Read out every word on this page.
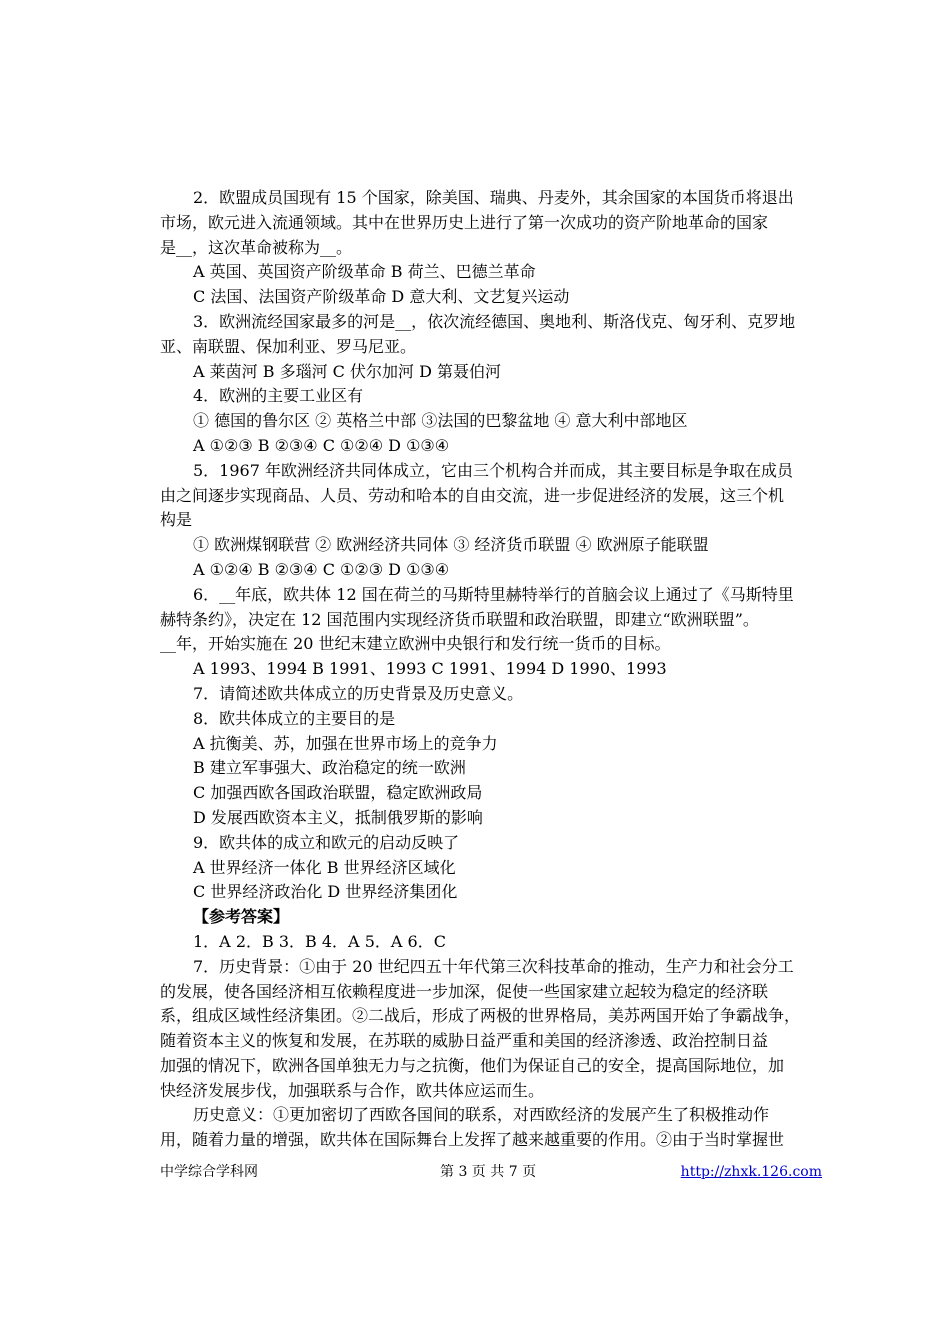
2．欧盟成员国现有 15 个国家，除美国、瑞典、丹麦外，其余国家的本国货币将退出
市场，欧元进入流通领域。其中在世界历史上进行了第一次成功的资产阶地革命的国家
是__，这次革命被称为__。
A 英国、英国资产阶级革命 B 荷兰、巴德兰革命
C 法国、法国资产阶级革命 D 意大利、文艺复兴运动
3．欧洲流经国家最多的河是__，依次流经德国、奥地利、斯洛伐克、匈牙利、克罗地
亚、南联盟、保加利亚、罗马尼亚。
A 莱茵河 B 多瑙河 C 伏尔加河 D 第聂伯河
4．欧洲的主要工业区有
① 德国的鲁尔区 ② 英格兰中部 ③法国的巴黎盆地 ④ 意大利中部地区
A ①②③ B ②③④ C ①②④ D ①③④
5．1967 年欧洲经济共同体成立，它由三个机构合并而成，其主要目标是争取在成员
由之间逐步实现商品、人员、劳动和哈本的自由交流，进一步促进经济的发展，这三个机
构是
① 欧洲煤钢联营 ② 欧洲经济共同体 ③ 经济货币联盟 ④ 欧洲原子能联盟
A ①②④ B ②③④ C ①②③ D ①③④
6．__年底，欧共体 12 国在荷兰的马斯特里赫特举行的首脑会议上通过了《马斯特里
赫特条约》，决定在 12 国范围内实现经济货币联盟和政治联盟，即建立“欧洲联盟”。
__年，开始实施在 20 世纪末建立欧洲中央银行和发行统一货币的目标。
A 1993、1994 B 1991、1993 C 1991、1994 D 1990、1993
7．请简述欧共体成立的历史背景及历史意义。
8．欧共体成立的主要目的是
A 抗衡美、苏，加强在世界市场上的竞争力
B 建立军事强大、政治稳定的统一欧洲
C 加强西欧各国政治联盟，稳定欧洲政局
D 发展西欧资本主义，抵制俄罗斯的影响
9．欧共体的成立和欧元的启动反映了
A 世界经济一体化 B 世界经济区域化
C 世界经济政治化 D 世界经济集团化
【参考答案】
1．A 2．B 3．B 4．A 5．A 6．C
7．历史背景：①由于 20 世纪四五十年代第三次科技革命的推动，生产力和社会分工
的发展，使各国经济相互依赖程度进一步加深，促使一些国家建立起较为稳定的经济联
系，组成区域性经济集团。②二战后，形成了两极的世界格局，美苏两国开始了争霸战争，
随着资本主义的恢复和发展，在苏联的威胁日益严重和美国的经济渗透、政治控制日益
加强的情况下，欧洲各国单独无力与之抗衡，他们为保证自己的安全，提高国际地位，加
快经济发展步伐，加强联系与合作，欧共体应运而生。
历史意义：①更加密切了西欧各国间的联系，对西欧经济的发展产生了积极推动作
用，随着力量的增强，欧共体在国际舞台上发挥了越来越重要的作用。②由于当时掌握世
中学综合学科网	第 3 页 共 7 页	http://zhxk.126.com
